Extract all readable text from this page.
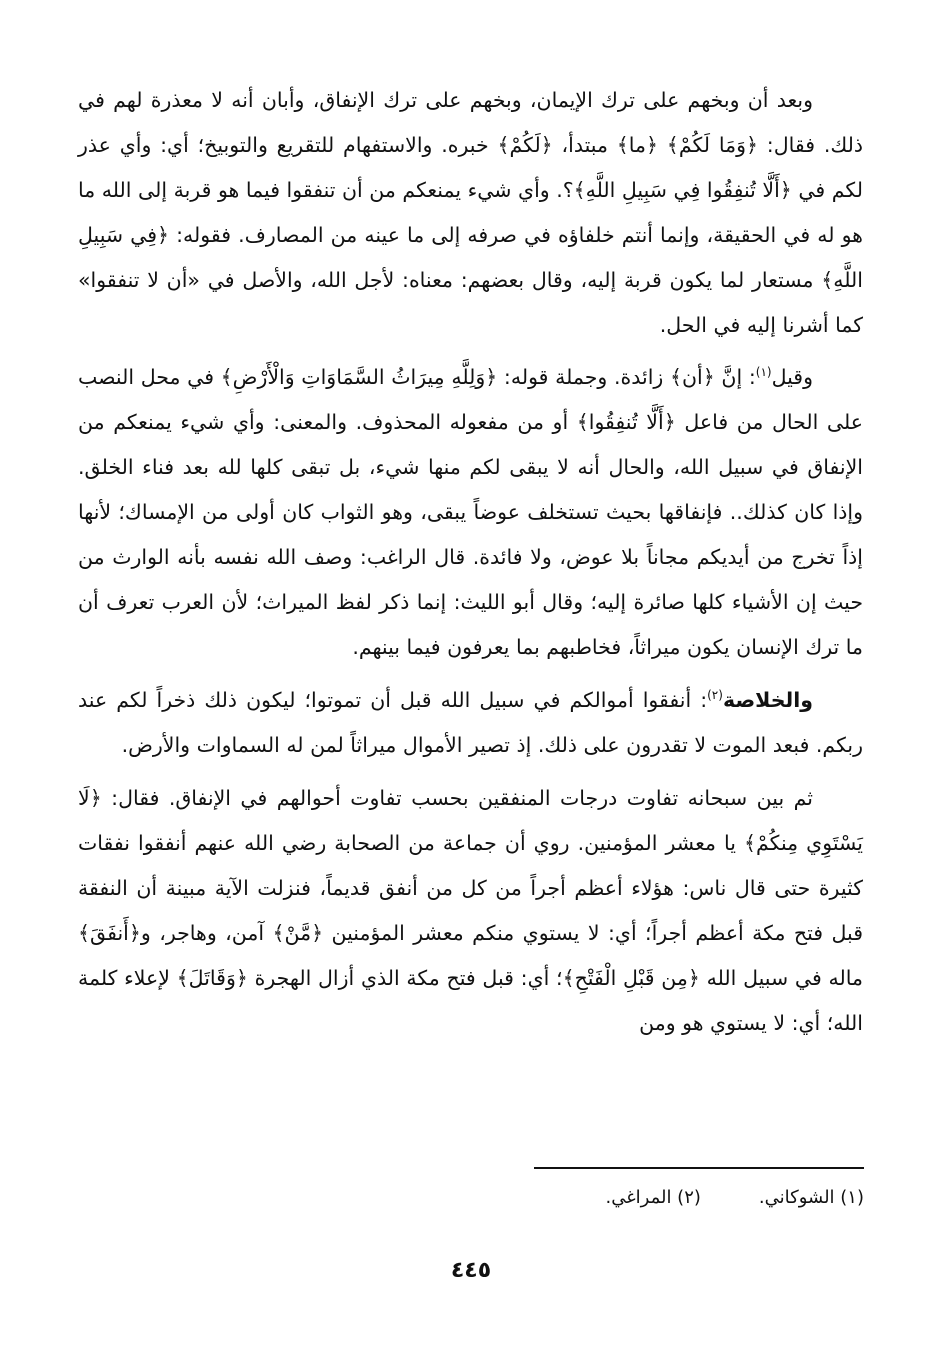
وبعد أن وبخهم على ترك الإيمان، وبخهم على ترك الإنفاق، وأبان أنه لا معذرة لهم في ذلك. فقال: ﴿وَمَا لَكُمْ﴾ ﴿ما﴾ مبتدأ، ﴿لَكُمْ﴾ خبره. والاستفهام للتقريع والتوبيخ؛ أي: وأي عذر لكم في ﴿أَلَّا تُنفِقُوا فِي سَبِيلِ اللَّهِ﴾؟. وأي شيء يمنعكم من أن تنفقوا فيما هو قربة إلى الله ما هو له في الحقيقة، وإنما أنتم خلفاؤه في صرفه إلى ما عينه من المصارف. فقوله: ﴿فِي سَبِيلِ اللَّهِ﴾ مستعار لما يكون قربة إليه، وقال بعضهم: معناه: لأجل الله، والأصل في «أن لا تنفقوا» كما أشرنا إليه في الحل.

وقيل$^{(١)}$: إنَّ ﴿أن﴾ زائدة. وجملة قوله: ﴿وَلِلَّهِ مِيرَاثُ السَّمَاوَاتِ وَالْأَرْضِ﴾ في محل النصب على الحال من فاعل ﴿أَلَّا تُنفِقُوا﴾ أو من مفعوله المحذوف. والمعنى: وأي شيء يمنعكم من الإنفاق في سبيل الله، والحال أنه لا يبقى لكم منها شيء، بل تبقى كلها لله بعد فناء الخلق. وإذا كان كذلك.. فإنفاقها بحيث تستخلف عوضاً يبقى، وهو الثواب كان أولى من الإمساك؛ لأنها إذاً تخرج من أيديكم مجاناً بلا عوض، ولا فائدة. قال الراغب: وصف الله نفسه بأنه الوارث من حيث إن الأشياء كلها صائرة إليه؛ وقال أبو الليث: إنما ذكر لفظ الميراث؛ لأن العرب تعرف أن ما ترك الإنسان يكون ميراثاً، فخاطبهم بما يعرفون فيما بينهم.

والخلاصة$^{(٢)}$: أنفقوا أموالكم في سبيل الله قبل أن تموتوا؛ ليكون ذلك ذخراً لكم عند ربكم. فبعد الموت لا تقدرون على ذلك. إذ تصير الأموال ميراثاً لمن له السماوات والأرض.

ثم بين سبحانه تفاوت درجات المنفقين بحسب تفاوت أحوالهم في الإنفاق. فقال: ﴿لَا يَسْتَوِي مِنكُمْ﴾ يا معشر المؤمنين. روي أن جماعة من الصحابة رضي الله عنهم أنفقوا نفقات كثيرة حتى قال ناس: هؤلاء أعظم أجراً من كل من أنفق قديماً، فنزلت الآية مبينة أن النفقة قبل فتح مكة أعظم أجراً؛ أي: لا يستوي منكم معشر المؤمنين ﴿مَّنْ﴾ آمن، وهاجر، و﴿أَنفَقَ﴾ ماله في سبيل الله ﴿مِن قَبْلِ الْفَتْحِ﴾؛ أي: قبل فتح مكة الذي أزال الهجرة ﴿وَقَاتَلَ﴾ لإعلاء كلمة الله؛ أي: لا يستوي هو ومن

(١) الشوكاني.
(٢) المراغي.
٤٤٥
